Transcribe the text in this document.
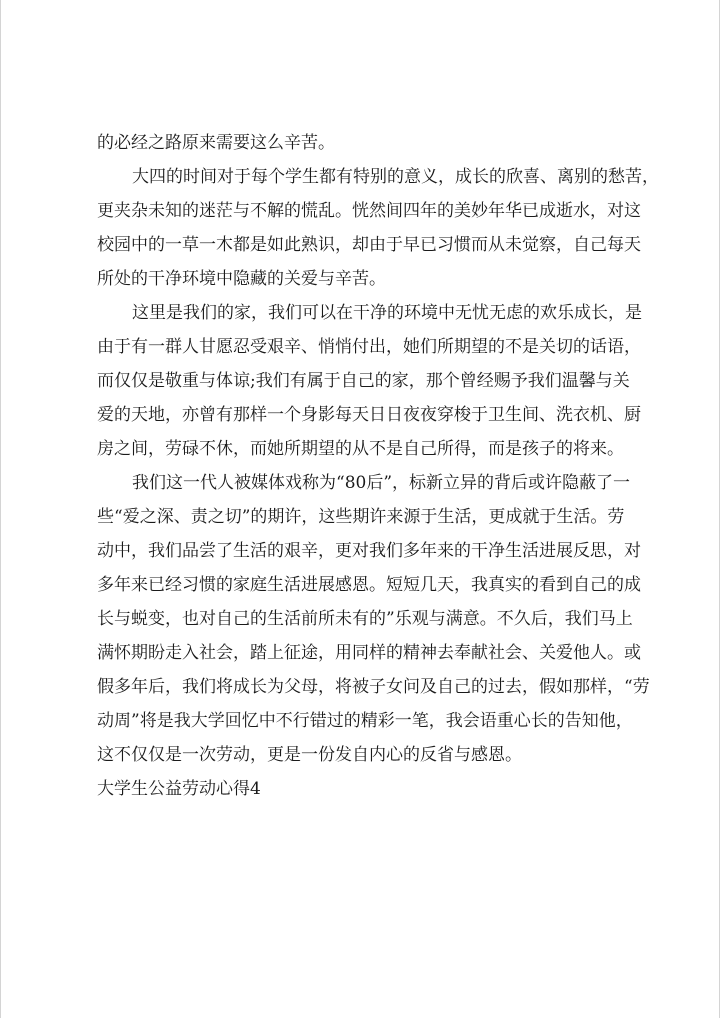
的必经之路原来需要这么辛苦。
大四的时间对于每个学生都有特别的意义，成长的欣喜、离别的愁苦，
更夹杂未知的迷茫与不解的慌乱。恍然间四年的美妙年华已成逝水，对这
校园中的一草一木都是如此熟识，却由于早已习惯而从未觉察，自己每天
所处的干净环境中隐藏的关爱与辛苦。
这里是我们的家，我们可以在干净的环境中无忧无虑的欢乐成长，是
由于有一群人甘愿忍受艰辛、悄悄付出，她们所期望的不是关切的话语，
而仅仅是敬重与体谅;我们有属于自己的家，那个曾经赐予我们温馨与关
爱的天地，亦曾有那样一个身影每天日日夜夜穿梭于卫生间、洗衣机、厨
房之间，劳碌不休，而她所期望的从不是自己所得，而是孩子的将来。
我们这一代人被媒体戏称为“80后”，标新立异的背后或许隐蔽了一
些“爱之深、责之切”的期许，这些期许来源于生活，更成就于生活。劳
动中，我们品尝了生活的艰辛，更对我们多年来的干净生活进展反思，对
多年来已经习惯的家庭生活进展感恩。短短几天，我真实的看到自己的成
长与蜕变，也对自己的生活前所未有的”乐观与满意。不久后，我们马上
满怀期盼走入社会，踏上征途，用同样的精神去奉献社会、关爱他人。或
假多年后，我们将成长为父母，将被子女问及自己的过去，假如那样，“劳
动周”将是我大学回忆中不行错过的精彩一笔，我会语重心长的告知他，
这不仅仅是一次劳动，更是一份发自内心的反省与感恩。
大学生公益劳动心得4
